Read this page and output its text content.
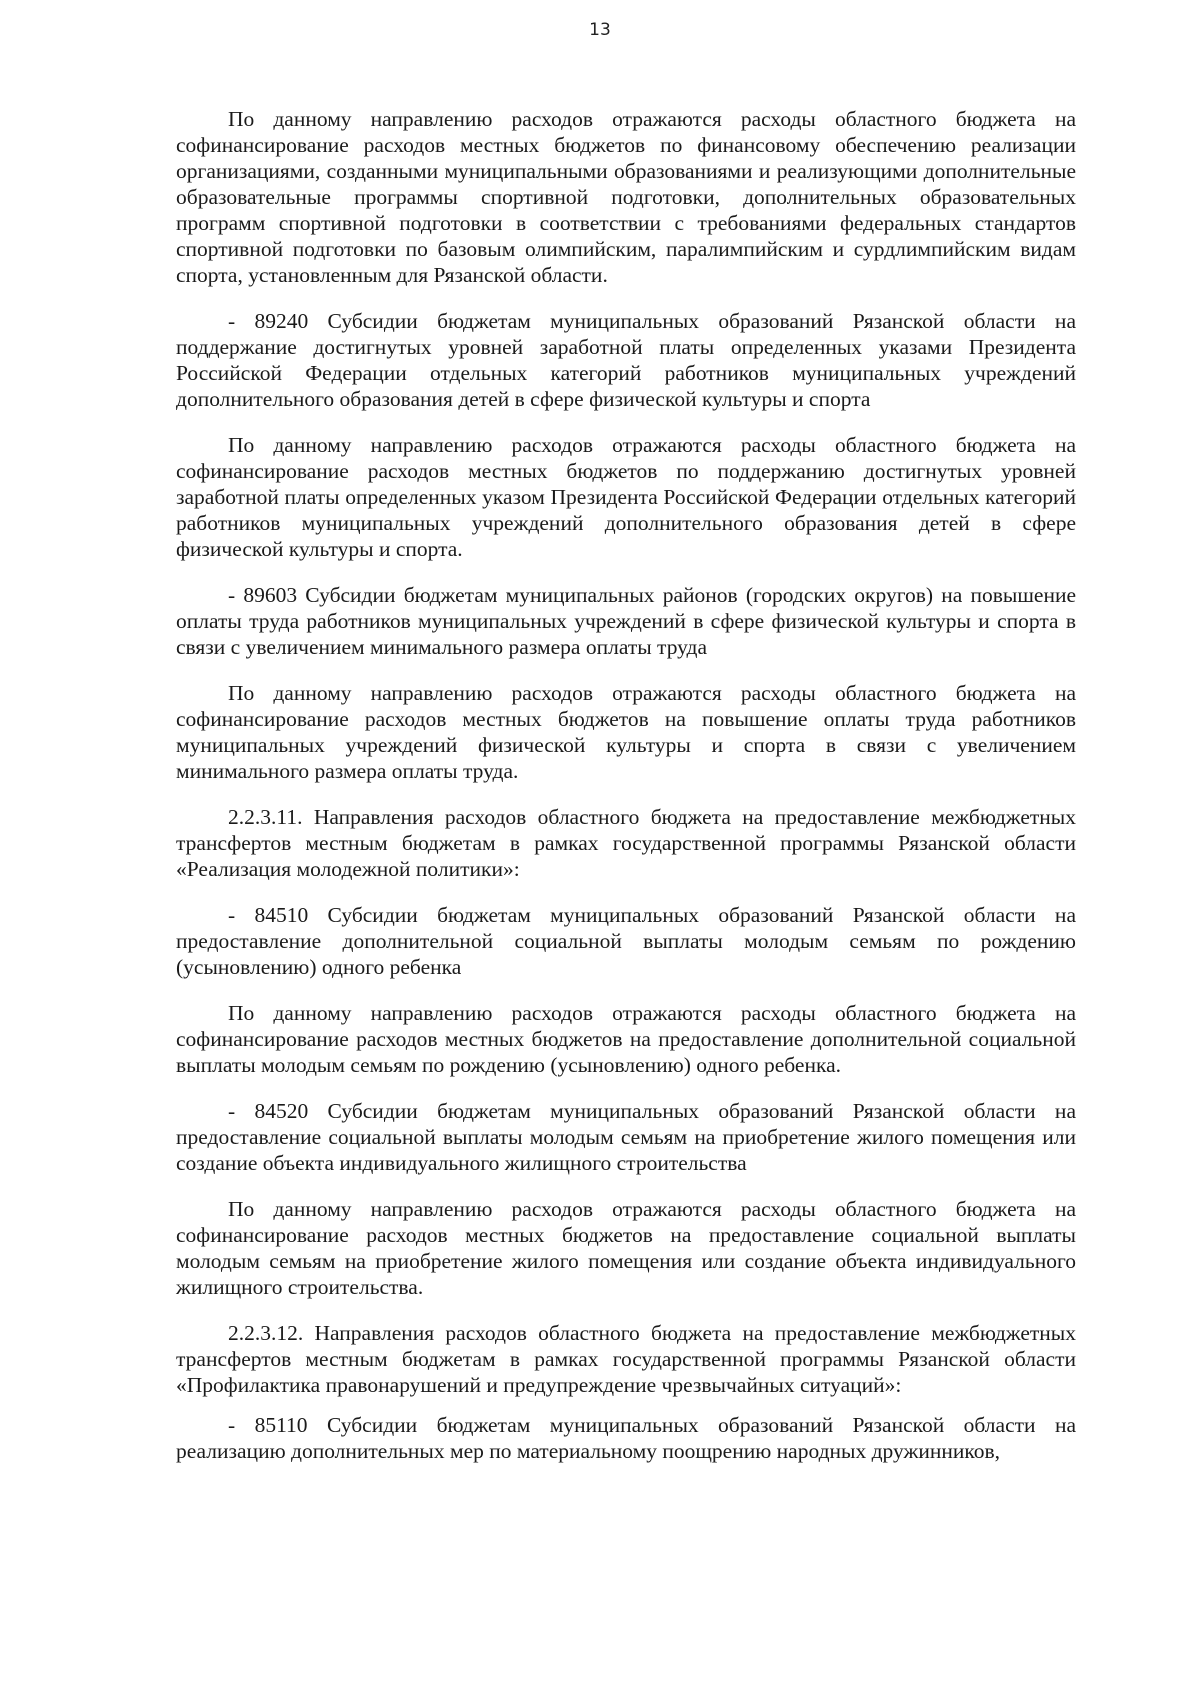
13

По данному направлению расходов отражаются расходы областного бюджета на софинансирование расходов местных бюджетов по финансовому обеспечению реализации организациями, созданными муниципальными образованиями и реализующими дополнительные образовательные программы спортивной подготовки, дополнительных образовательных программ спортивной подготовки в соответствии с требованиями федеральных стандартов спортивной подготовки по базовым олимпийским, паралимпийским и сурдлимпийским видам спорта, установленным для Рязанской области.

- 89240 Субсидии бюджетам муниципальных образований Рязанской области на поддержание достигнутых уровней заработной платы определенных указами Президента Российской Федерации отдельных категорий работников муниципальных учреждений дополнительного образования детей в сфере физической культуры и спорта

По данному направлению расходов отражаются расходы областного бюджета на софинансирование расходов местных бюджетов по поддержанию достигнутых уровней заработной платы определенных указом Президента Российской Федерации отдельных категорий работников муниципальных учреждений дополнительного образования детей в сфере физической культуры и спорта.

- 89603 Субсидии бюджетам муниципальных районов (городских округов) на повышение оплаты труда работников муниципальных учреждений в сфере физической культуры и спорта в связи с увеличением минимального размера оплаты труда

По данному направлению расходов отражаются расходы областного бюджета на софинансирование расходов местных бюджетов на повышение оплаты труда работников муниципальных учреждений физической культуры и спорта в связи с увеличением минимального размера оплаты труда.

2.2.3.11. Направления расходов областного бюджета на предоставление межбюджетных трансфертов местным бюджетам в рамках государственной программы Рязанской области «Реализация молодежной политики»:

- 84510 Субсидии бюджетам муниципальных образований Рязанской области на предоставление дополнительной социальной выплаты молодым семьям по рождению (усыновлению) одного ребенка

По данному направлению расходов отражаются расходы областного бюджета на софинансирование расходов местных бюджетов на предоставление дополнительной социальной выплаты молодым семьям по рождению (усыновлению) одного ребенка.

- 84520 Субсидии бюджетам муниципальных образований Рязанской области на предоставление социальной выплаты молодым семьям на приобретение жилого помещения или создание объекта индивидуального жилищного строительства

По данному направлению расходов отражаются расходы областного бюджета на софинансирование расходов местных бюджетов на предоставление социальной выплаты молодым семьям на приобретение жилого помещения или создание объекта индивидуального жилищного строительства.

2.2.3.12. Направления расходов областного бюджета на предоставление межбюджетных трансфертов местным бюджетам в рамках государственной программы Рязанской области «Профилактика правонарушений и предупреждение чрезвычайных ситуаций»:

- 85110 Субсидии бюджетам муниципальных образований Рязанской области на реализацию дополнительных мер по материальному поощрению народных дружинников,
